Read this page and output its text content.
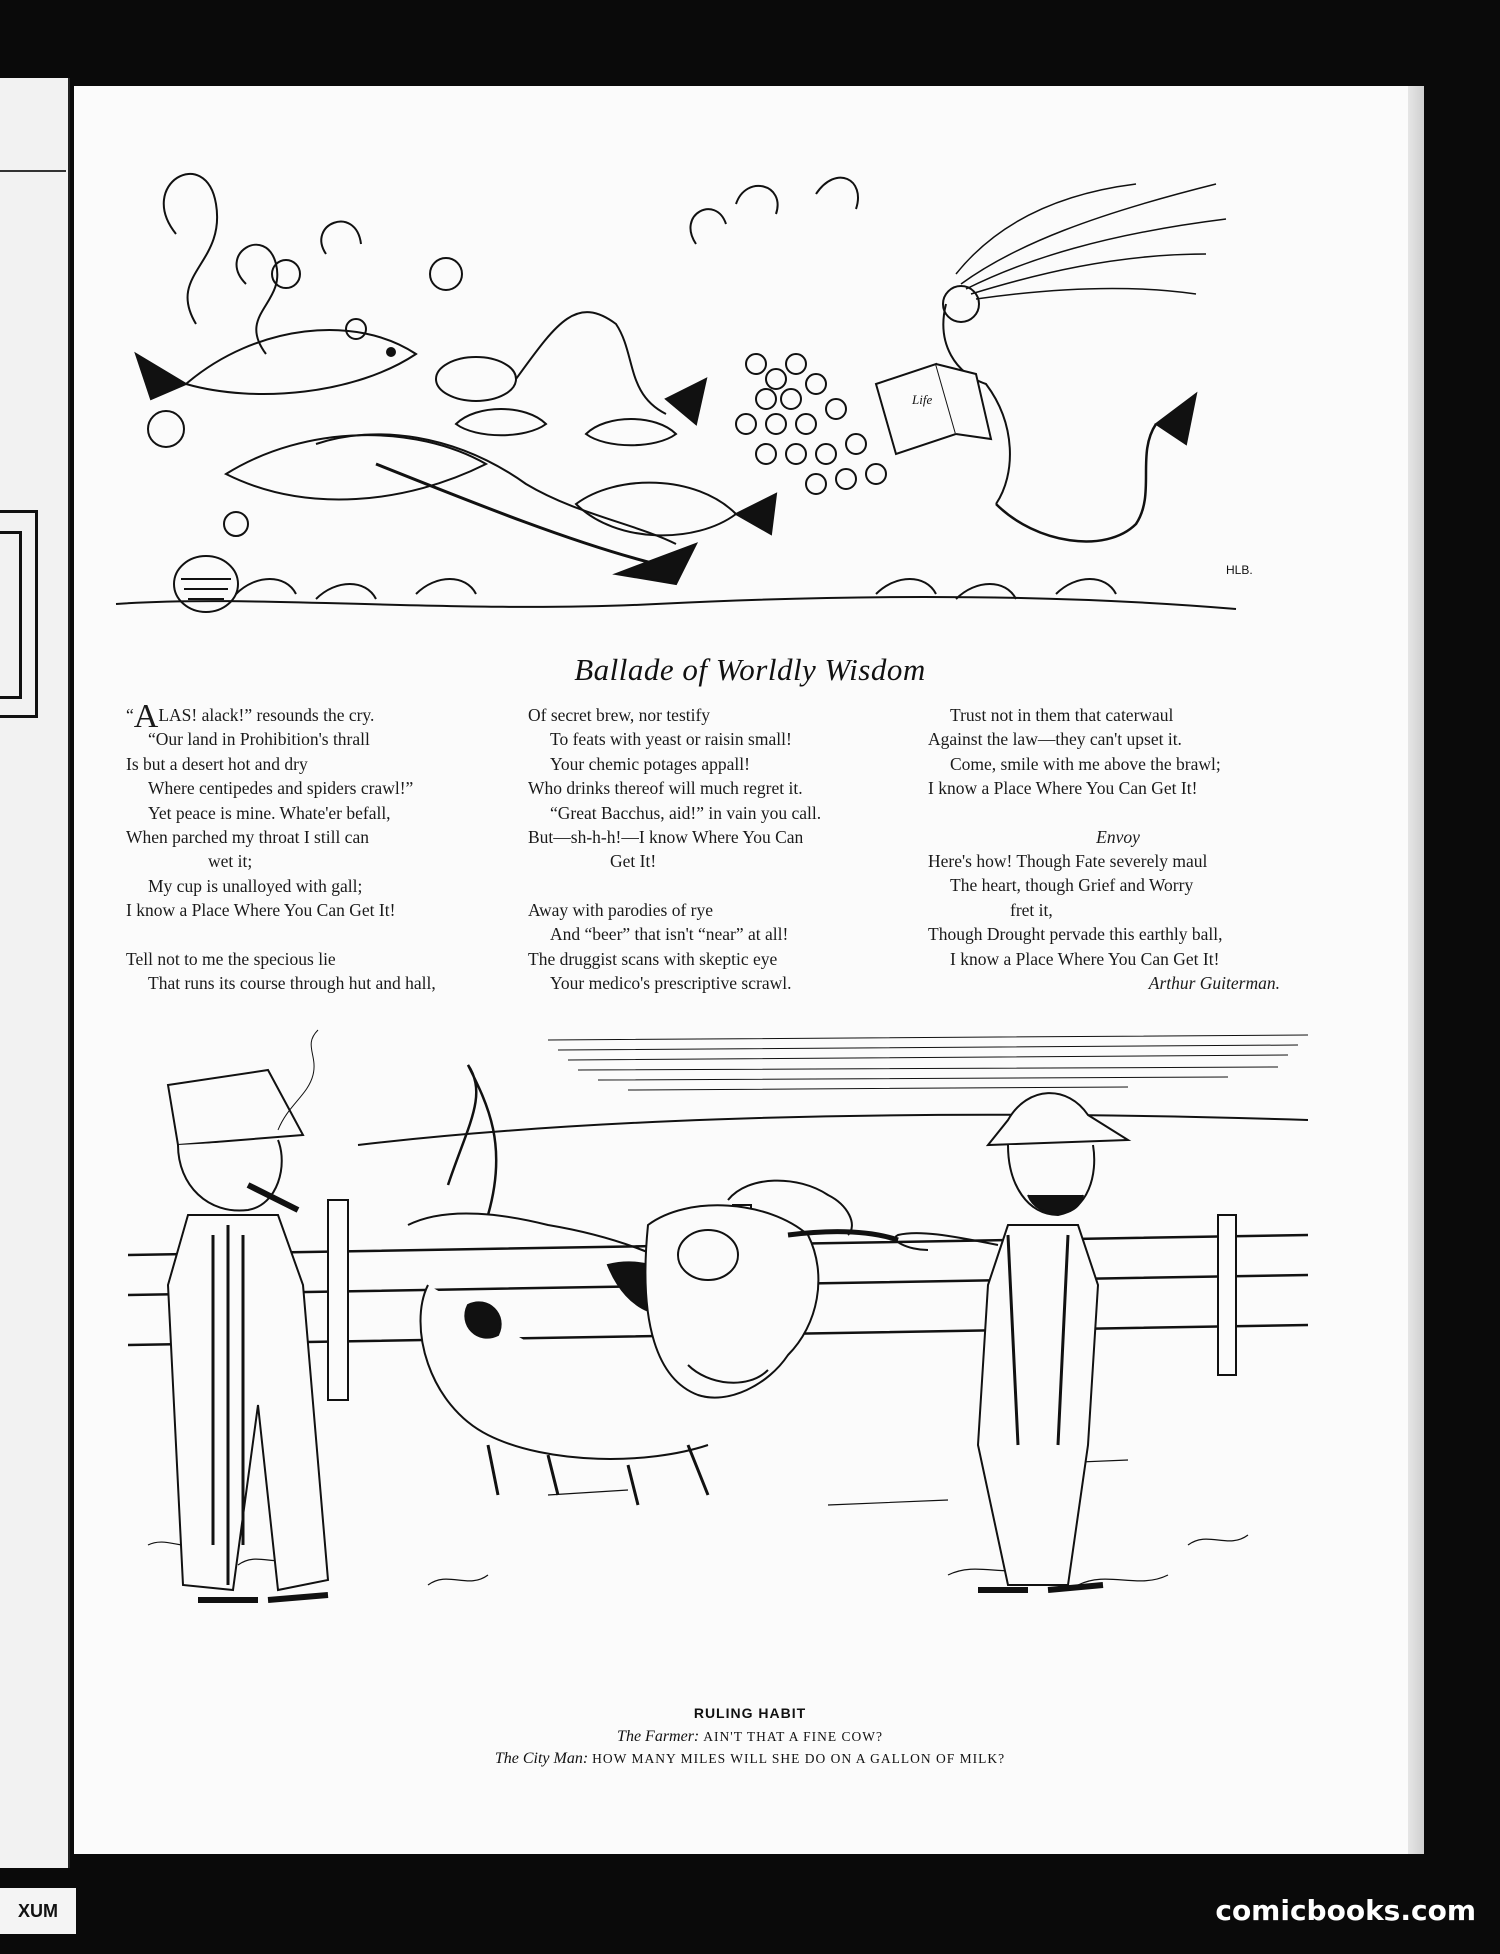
Life
HLB.
Ballade of Worldly Wisdom
“ALAS! alack!” resounds the cry.
“Our land in Prohibition's thrall
Is but a desert hot and dry
Where centipedes and spiders crawl!”
Yet peace is mine. Whate'er befall,
When parched my throat I still can
wet it;
My cup is unalloyed with gall;
I know a Place Where You Can Get It!
Tell not to me the specious lie
That runs its course through hut and hall,
Of secret brew, nor testify
To feats with yeast or raisin small!
Your chemic potages appall!
Who drinks thereof will much regret it.
“Great Bacchus, aid!” in vain you call.
But—sh-h-h!—I know Where You Can
Get It!
Away with parodies of rye
And “beer” that isn't “near” at all!
The druggist scans with skeptic eye
Your medico's prescriptive scrawl.
Trust not in them that caterwaul
Against the law—they can't upset it.
Come, smile with me above the brawl;
I know a Place Where You Can Get It!
Envoy
Here's how! Though Fate severely maul
The heart, though Grief and Worry
fret it,
Though Drought pervade this earthly ball,
I know a Place Where You Can Get It!
Arthur Guiterman.
RULING HABIT
The Farmer: AIN'T THAT A FINE COW?
The City Man: HOW MANY MILES WILL SHE DO ON A GALLON OF MILK?
XUM	comicbooks.com
